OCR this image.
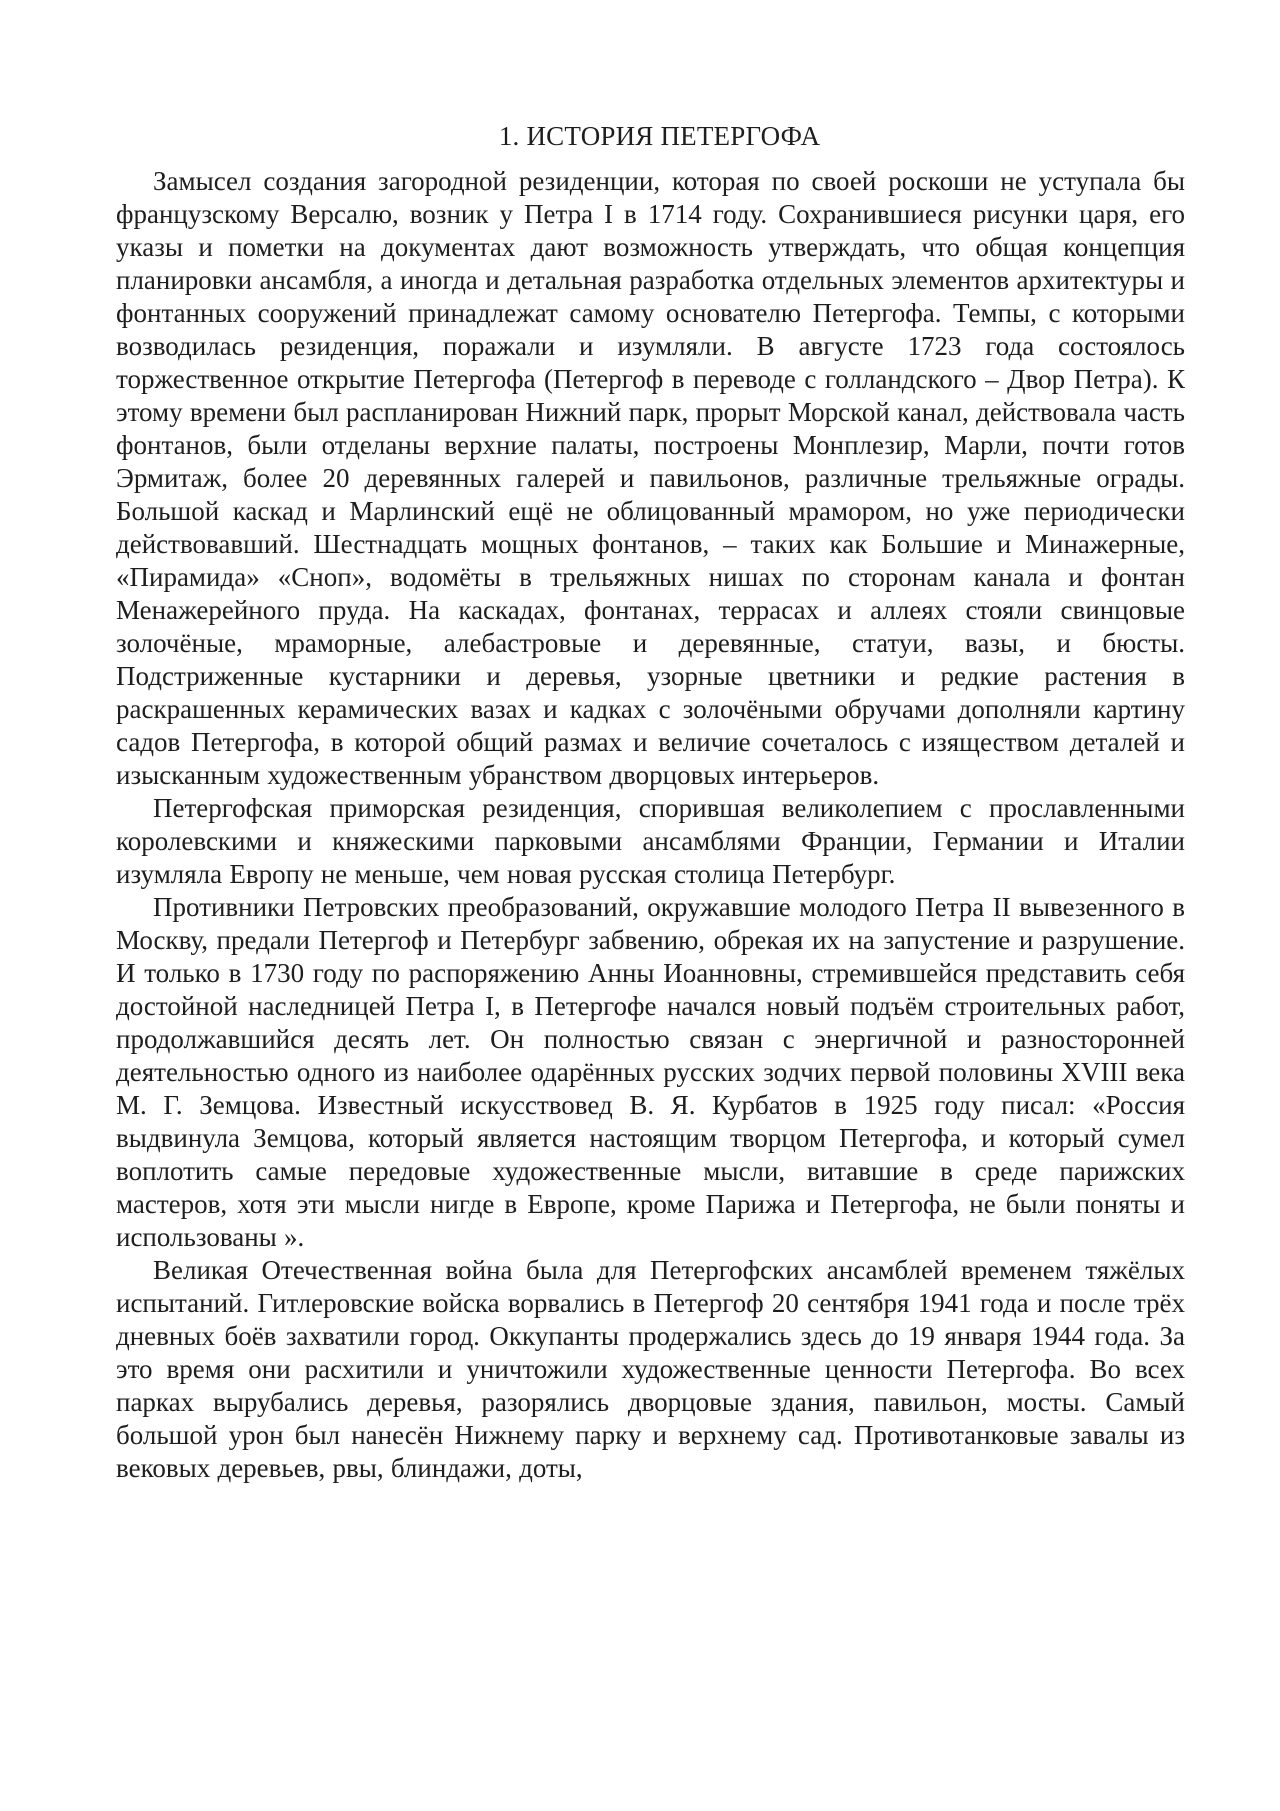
1. ИСТОРИЯ ПЕТЕРГОФА

Замысел создания загородной резиденции, которая по своей роскоши не уступала бы французскому Версалю, возник у Петра I в 1714 году. Сохранившиеся рисунки царя, его указы и пометки на документах дают возможность утверждать, что общая концепция планировки ансамбля, а иногда и детальная разработка отдельных элементов архитектуры и фонтанных сооружений принадлежат самому основателю Петергофа. Темпы, с которыми возводилась резиденция, поражали и изумляли. В августе 1723 года состоялось торжественное открытие Петергофа (Петергоф в переводе с голландского – Двор Петра). К этому времени был распланирован Нижний парк, прорыт Морской канал, действовала часть фонтанов, были отделаны верхние палаты, построены Монплезир, Марли, почти готов Эрмитаж, более 20 деревянных галерей и павильонов, различные трельяжные ограды. Большой каскад и Марлинский ещё не облицованный мрамором, но уже периодически действовавший. Шестнадцать мощных фонтанов, – таких как Большие и Минажерные, «Пирамида» «Сноп», водомёты в трельяжных нишах по сторонам канала и фонтан Менажерейного пруда. На каскадах, фонтанах, террасах и аллеях стояли свинцовые золочёные, мраморные, алебастровые и деревянные, статуи, вазы, и бюсты. Подстриженные кустарники и деревья, узорные цветники и редкие растения в раскрашенных керамических вазах и кадках с золочёными обручами дополняли картину садов Петергофа, в которой общий размах и величие сочеталось с изяществом деталей и изысканным художественным убранством дворцовых интерьеров.

Петергофская приморская резиденция, спорившая великолепием с прославленными королевскими и княжескими парковыми ансамблями Франции, Германии и Италии изумляла Европу не меньше, чем новая русская столица Петербург.

Противники Петровских преобразований, окружавшие молодого Петра II вывезенного в Москву, предали Петергоф и Петербург забвению, обрекая их на запустение и разрушение. И только в 1730 году по распоряжению Анны Иоанновны, стремившейся представить себя достойной наследницей Петра I, в Петергофе начался новый подъём строительных работ, продолжавшийся десять лет. Он полностью связан с энергичной и разносторонней деятельностью одного из наиболее одарённых русских зодчих первой половины XVIII века М. Г. Земцова. Известный искусствовед В. Я. Курбатов в 1925 году писал: «Россия выдвинула Земцова, который является настоящим творцом Петергофа, и который сумел воплотить самые передовые художественные мысли, витавшие в среде парижских мастеров, хотя эти мысли нигде в Европе, кроме Парижа и Петергофа, не были поняты и использованы ».

Великая Отечественная война была для Петергофских ансамблей временем тяжёлых испытаний. Гитлеровские войска ворвались в Петергоф 20 сентября 1941 года и после трёх дневных боёв захватили город. Оккупанты продержались здесь до 19 января 1944 года. За это время они расхитили и уничтожили художественные ценности Петергофа. Во всех парках вырубались деревья, разорялись дворцовые здания, павильон, мосты. Самый большой урон был нанесён Нижнему парку и верхнему сад. Противотанковые завалы из вековых деревьев, рвы, блиндажи, доты,
